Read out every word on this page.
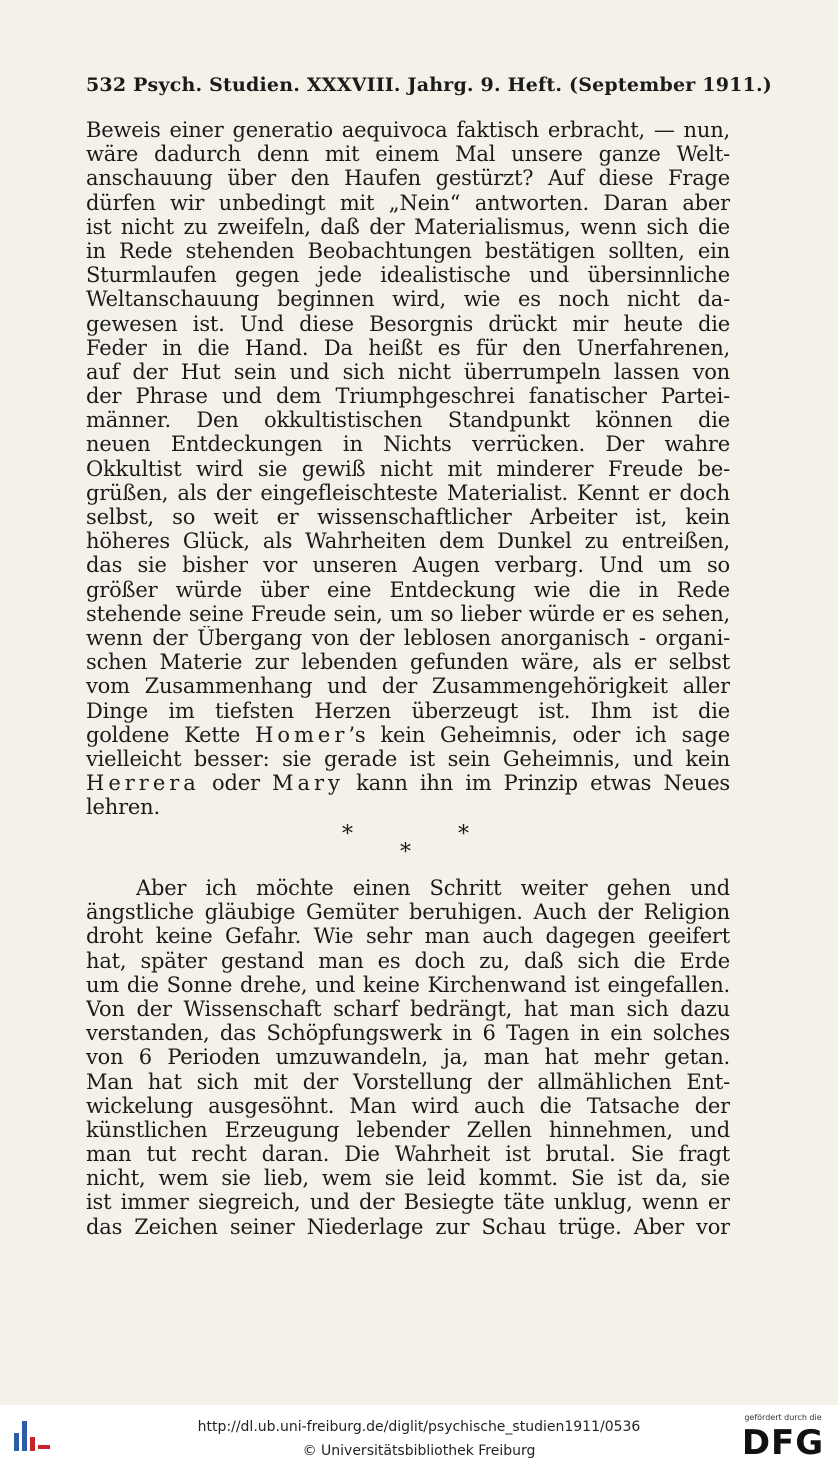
532 Psych. Studien. XXXVIII. Jahrg. 9. Heft. (September 1911.)
Beweis einer generatio aequivoca faktisch erbracht, — nun,
wäre dadurch denn mit einem Mal unsere ganze Welt-
anschauung über den Haufen gestürzt? Auf diese Frage
dürfen wir unbedingt mit „Nein“ antworten. Daran aber
ist nicht zu zweifeln, daß der Materialismus, wenn sich die
in Rede stehenden Beobachtungen bestätigen sollten, ein
Sturmlaufen gegen jede idealistische und übersinnliche
Weltanschauung beginnen wird, wie es noch nicht da-
gewesen ist. Und diese Besorgnis drückt mir heute die
Feder in die Hand. Da heißt es für den Unerfahrenen,
auf der Hut sein und sich nicht überrumpeln lassen von
der Phrase und dem Triumphgeschrei fanatischer Partei-
männer. Den okkultistischen Standpunkt können die
neuen Entdeckungen in Nichts verrücken. Der wahre
Okkultist wird sie gewiß nicht mit minderer Freude be-
grüßen, als der eingefleischteste Materialist. Kennt er doch
selbst, so weit er wissenschaftlicher Arbeiter ist, kein
höheres Glück, als Wahrheiten dem Dunkel zu entreißen,
das sie bisher vor unseren Augen verbarg. Und um so
größer würde über eine Entdeckung wie die in Rede
stehende seine Freude sein, um so lieber würde er es sehen,
wenn der Übergang von der leblosen anorganisch - organi-
schen Materie zur lebenden gefunden wäre, als er selbst
vom Zusammenhang und der Zusammengehörigkeit aller
Dinge im tiefsten Herzen überzeugt ist. Ihm ist die
goldene Kette Homer’s kein Geheimnis, oder ich sage
vielleicht besser: sie gerade ist sein Geheimnis, und kein
Herrera oder Mary kann ihn im Prinzip etwas Neues
lehren.
*	*
*
Aber ich möchte einen Schritt weiter gehen und
ängstliche gläubige Gemüter beruhigen. Auch der Religion
droht keine Gefahr. Wie sehr man auch dagegen geeifert
hat, später gestand man es doch zu, daß sich die Erde
um die Sonne drehe, und keine Kirchenwand ist eingefallen.
Von der Wissenschaft scharf bedrängt, hat man sich dazu
verstanden, das Schöpfungswerk in 6 Tagen in ein solches
von 6 Perioden umzuwandeln, ja, man hat mehr getan.
Man hat sich mit der Vorstellung der allmählichen Ent-
wickelung ausgesöhnt. Man wird auch die Tatsache der
künstlichen Erzeugung lebender Zellen hinnehmen, und
man tut recht daran. Die Wahrheit ist brutal. Sie fragt
nicht, wem sie lieb, wem sie leid kommt. Sie ist da, sie
ist immer siegreich, und der Besiegte täte unklug, wenn er
das Zeichen seiner Niederlage zur Schau trüge. Aber vor
http://dl.ub.uni-freiburg.de/diglit/psychische_studien1911/0536
© Universitätsbibliothek Freiburg
gefördert durch die
DFG
